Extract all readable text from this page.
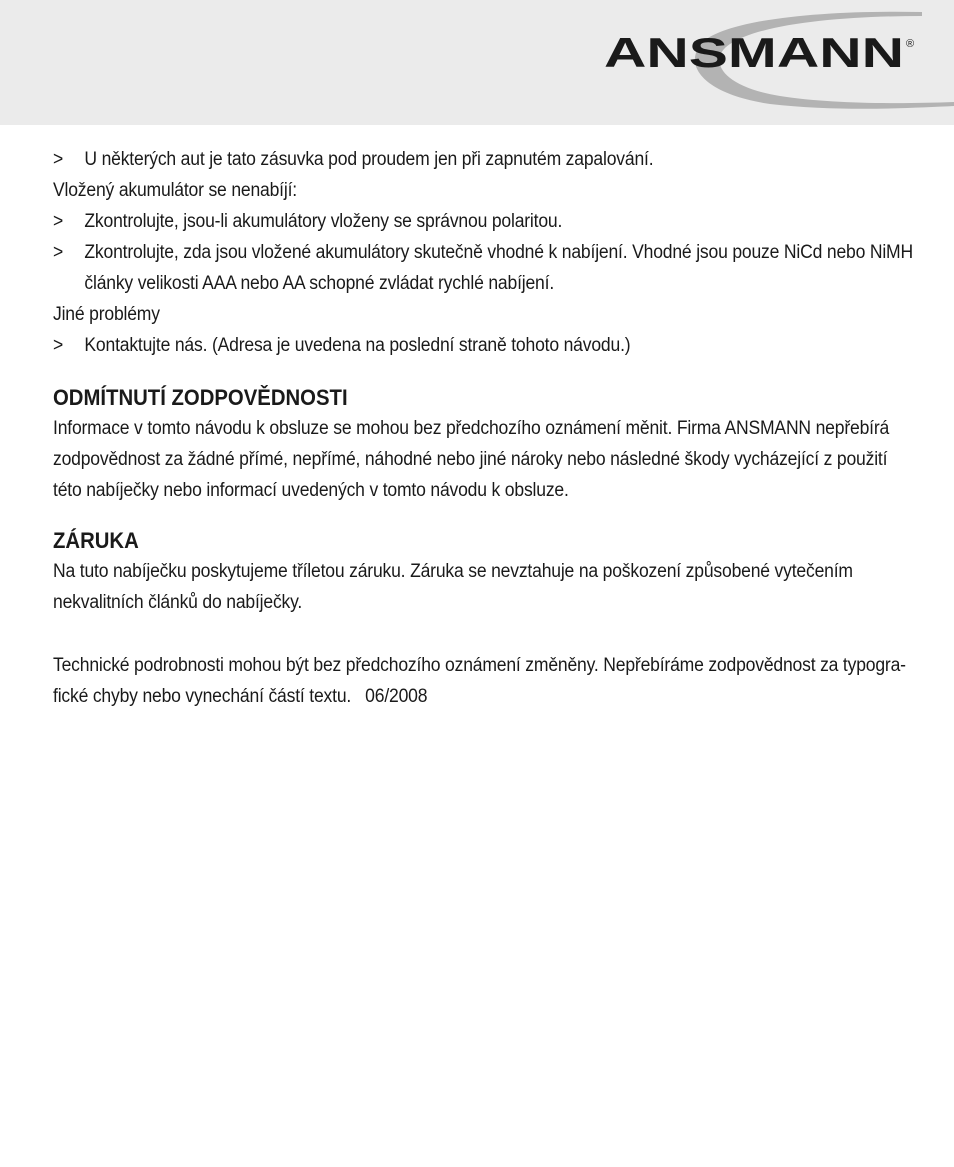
ANSMANN ®
>	U některých aut je tato zásuvka pod proudem jen při zapnutém zapalování.

Vložený akumulátor se nenabíjí:

>	Zkontrolujte, jsou-li akumulátory vloženy se správnou polaritou.
>	Zkontrolujte, zda jsou vložené akumulátory skutečně vhodné k nabíjení. Vhodné jsou pouze NiCd nebo NiMH
články velikosti AAA nebo AA schopné zvládat rychlé nabíjení.

Jiné problémy

>	Kontaktujte nás. (Adresa je uvedena na poslední straně tohoto návodu.)
ODMÍTNUTÍ ZODPOVĚDNOSTI

Informace v tomto návodu k obsluze se mohou bez předchozího oznámení měnit. Firma ANSMANN nepřebírá

zodpovědnost za žádné přímé, nepřímé, náhodné nebo jiné nároky nebo následné škody vycházející z použití

této nabíječky nebo informací uvedených v tomto návodu k obsluze.

ZÁRUKA

Na tuto nabíječku poskytujeme tříletou záruku. Záruka se nevztahuje na poškození způsobené vytečením

nekvalitních článků do nabíječky.

Technické podrobnosti mohou být bez předchozího oznámení změněny. Nepřebíráme zodpovědnost za typogra-

fické chyby nebo vynechání částí textu. 06/2008
